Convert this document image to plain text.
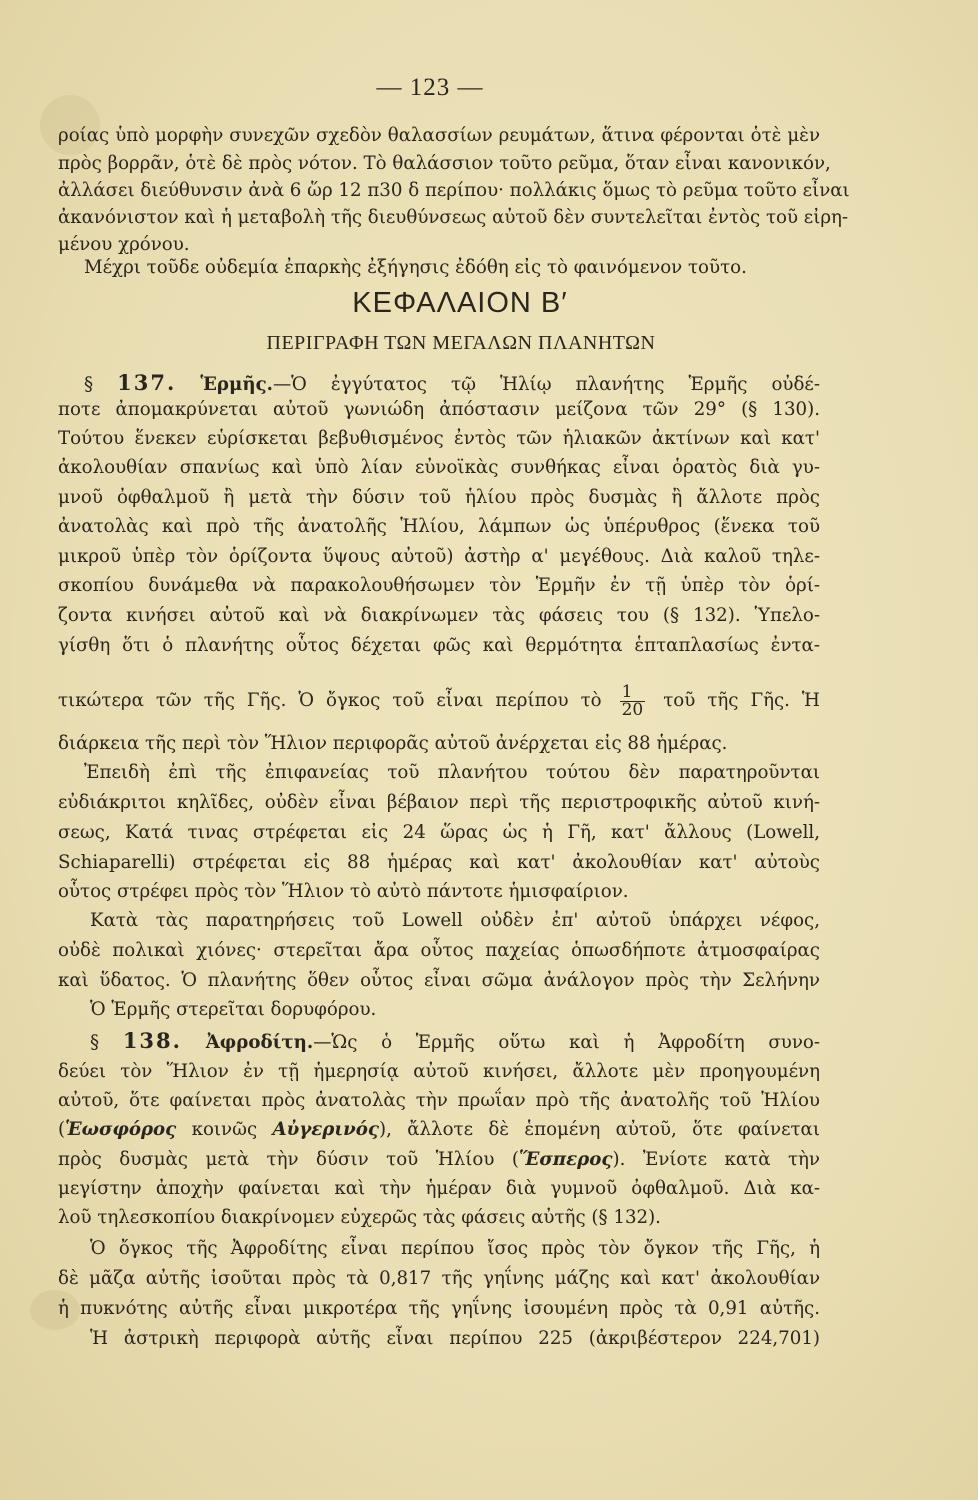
— 123 —
ροίας ὑπὸ μορφὴν συνεχῶν σχεδὸν θαλασσίων ρευμάτων, ἅτινα φέρονται ὁτὲ μὲν
πρὸς βορρᾶν, ὁτὲ δὲ πρὸς νότον. Τὸ θαλάσσιον τοῦτο ρεῦμα, ὅταν εἶναι κανονικόν,
ἀλλάσει διεύθυνσιν ἀνὰ 6 ὥρ 12 π30 δ περίπου· πολλάκις ὅμως τὸ ρεῦμα τοῦτο εἶναι
ἀκανόνιστον καὶ ἡ μεταβολὴ τῆς διευθύνσεως αὐτοῦ δὲν συντελεῖται ἐντὸς τοῦ εἰρη-
μένου χρόνου.
Μέχρι τοῦδε οὐδεμία ἐπαρκὴς ἐξήγησις ἐδόθη εἰς τὸ φαινόμενον τοῦτο.
ΚΕΦΑΛΑΙΟΝ Β′
ΠΕΡΙΓΡΑΦΗ ΤΩΝ ΜΕΓΑΛΩΝ ΠΛΑΝΗΤΩΝ
§ 137. Ἑρμῆς.—Ὁ ἐγγύτατος τῷ Ἡλίῳ πλανήτης Ἑρμῆς οὐδέ-
ποτε ἀπομακρύνεται αὐτοῦ γωνιώδη ἀπόστασιν μείζονα τῶν 29° (§ 130).
Τούτου ἕνεκεν εὑρίσκεται βεβυθισμένος ἐντὸς τῶν ἡλιακῶν ἀκτίνων καὶ κατ'
ἀκολουθίαν σπανίως καὶ ὑπὸ λίαν εὐνοϊκὰς συνθήκας εἶναι ὁρατὸς διὰ γυ-
μνοῦ ὀφθαλμοῦ ἢ μετὰ τὴν δύσιν τοῦ ἡλίου πρὸς δυσμὰς ἢ ἄλλοτε πρὸς
ἀνατολὰς καὶ πρὸ τῆς ἀνατολῆς Ἡλίου, λάμπων ὡς ὑπέρυθρος (ἕνεκα τοῦ
μικροῦ ὑπὲρ τὸν ὁρίζοντα ὕψους αὐτοῦ) ἀστὴρ α' μεγέθους. Διὰ καλοῦ τηλε-
σκοπίου δυνάμεθα νὰ παρακολουθήσωμεν τὸν Ἑρμῆν ἐν τῇ ὑπὲρ τὸν ὁρί-
ζοντα κινήσει αὐτοῦ καὶ νὰ διακρίνωμεν τὰς φάσεις του (§ 132). Ὑπελο-
γίσθη ὅτι ὁ πλανήτης οὗτος δέχεται φῶς καὶ θερμότητα ἑπταπλασίως ἐντα-
τικώτερα τῶν τῆς Γῆς. Ὁ ὄγκος τοῦ εἶναι περίπου τὸ $\frac{1}{20}$ τοῦ τῆς Γῆς. Ἡ
διάρκεια τῆς περὶ τὸν Ἥλιον περιφορᾶς αὐτοῦ ἀνέρχεται εἰς 88 ἡμέρας.
Ἐπειδὴ ἐπὶ τῆς ἐπιφανείας τοῦ πλανήτου τούτου δὲν παρατηροῦνται
εὐδιάκριτοι κηλῖδες, οὐδὲν εἶναι βέβαιον περὶ τῆς περιστροφικῆς αὐτοῦ κινή-
σεως, Κατά τινας στρέφεται εἰς 24 ὥρας ὡς ἡ Γῆ, κατ' ἄλλους (Lowell,
Schiaparelli) στρέφεται εἰς 88 ἡμέρας καὶ κατ' ἀκολουθίαν κατ' αὐτοὺς
οὗτος στρέφει πρὸς τὸν Ἥλιον τὸ αὐτὸ πάντοτε ἡμισφαίριον.
Κατὰ τὰς παρατηρήσεις τοῦ Lowell οὐδὲν ἐπ' αὐτοῦ ὑπάρχει νέφος,
οὐδὲ πολικαὶ χιόνες· στερεῖται ἄρα οὗτος παχείας ὁπωσδήποτε ἀτμοσφαίρας
καὶ ὕδατος. Ὁ πλανήτης ὅθεν οὗτος εἶναι σῶμα ἀνάλογον πρὸς τὴν Σελήνην
Ὁ Ἑρμῆς στερεῖται δορυφόρου.
§ 138. Ἀφροδίτη.—Ὡς ὁ Ἑρμῆς οὕτω καὶ ἡ Ἀφροδίτη συνο-
δεύει τὸν Ἥλιον ἐν τῇ ἡμερησίᾳ αὐτοῦ κινήσει, ἄλλοτε μὲν προηγουμένη
αὐτοῦ, ὅτε φαίνεται πρὸς ἀνατολὰς τὴν πρωΐαν πρὸ τῆς ἀνατολῆς τοῦ Ἡλίου
(Ἑωσφόρος κοινῶς Αὐγερινός), ἄλλοτε δὲ ἑπομένη αὐτοῦ, ὅτε φαίνεται
πρὸς δυσμὰς μετὰ τὴν δύσιν τοῦ Ἡλίου (Ἕσπερος). Ἐνίοτε κατὰ τὴν
μεγίστην ἀποχὴν φαίνεται καὶ τὴν ἡμέραν διὰ γυμνοῦ ὀφθαλμοῦ. Διὰ κα-
λοῦ τηλεσκοπίου διακρίνομεν εὐχερῶς τὰς φάσεις αὐτῆς (§ 132).
Ὁ ὄγκος τῆς Ἀφροδίτης εἶναι περίπου ἴσος πρὸς τὸν ὄγκον τῆς Γῆς, ἡ
δὲ μᾶζα αὐτῆς ἰσοῦται πρὸς τὰ 0,817 τῆς γηΐνης μάζης καὶ κατ' ἀκολουθίαν
ἡ πυκνότης αὐτῆς εἶναι μικροτέρα τῆς γηΐνης ἰσουμένη πρὸς τὰ 0,91 αὐτῆς.
Ἡ ἀστρικὴ περιφορὰ αὐτῆς εἶναι περίπου 225 (ἀκριβέστερον 224,701)
